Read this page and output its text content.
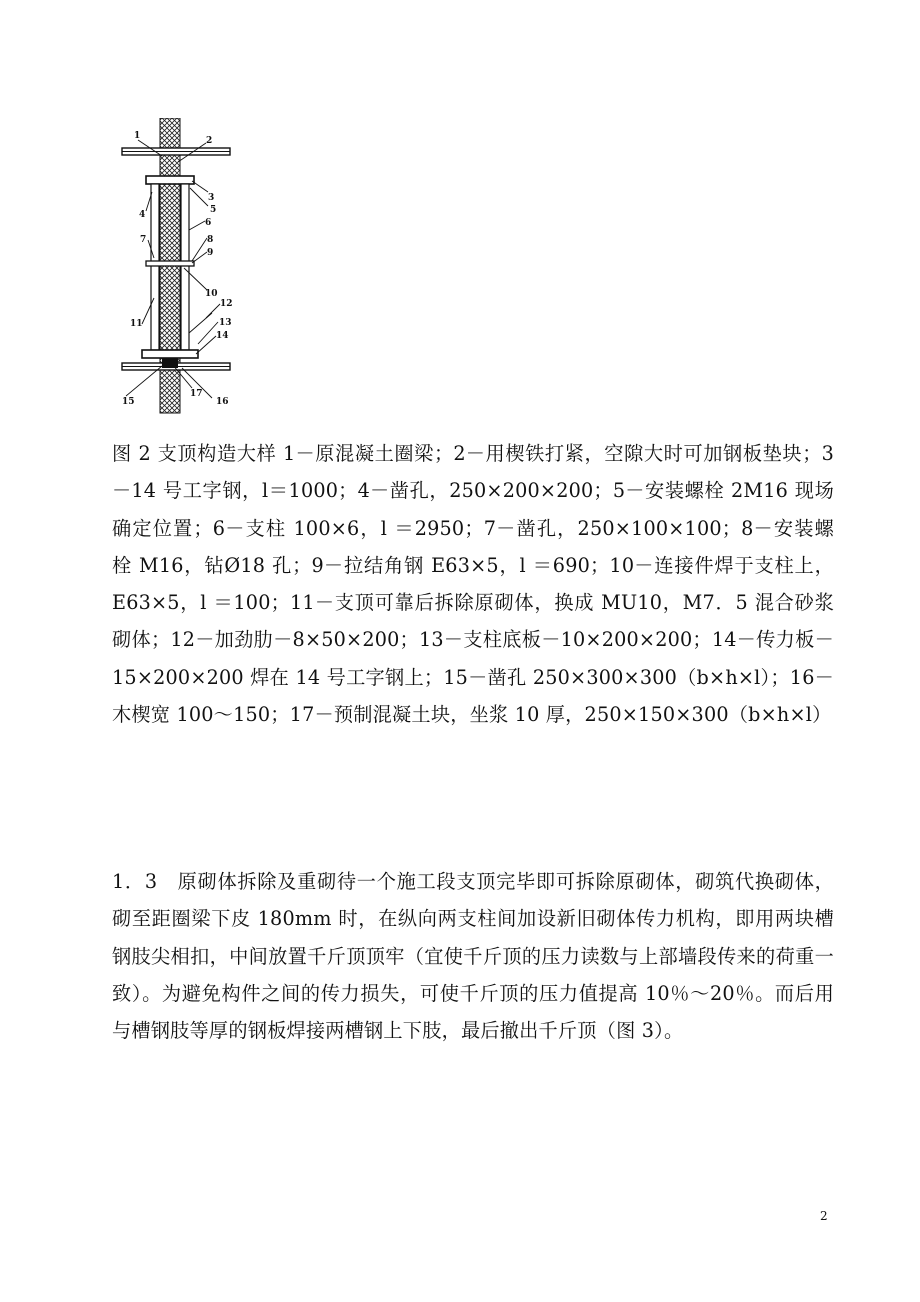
1	2
3
4	5
6
7	8
9
10
11
12
13
14
15	16
17

图 2 支顶构造大样 1－原混凝土圈梁；2－用楔铁打紧，空隙大时可加钢板垫块；3－14 号工字钢，l＝1000；4－凿孔，250×200×200；5－安装螺栓 2M16 现场确定位置；6－支柱 100×6，l ＝2950；7－凿孔，250×100×100；8－安装螺栓 M16，钻Ø18 孔；9－拉结角钢 E63×5，l ＝690；10－连接件焊于支柱上，E63×5，l ＝100；11－支顶可靠后拆除原砌体，换成 MU10，M7．5 混合砂浆砌体；12－加劲肋－8×50×200；13－支柱底板－10×200×200；14－传力板－15×200×200 焊在 14 号工字钢上；15－凿孔 250×300×300（b×h×l）；16－木楔宽 100～150；17－预制混凝土块，坐浆 10 厚，250×150×300（b×h×l）

1．3　原砌体拆除及重砌待一个施工段支顶完毕即可拆除原砌体，砌筑代换砌体，砌至距圈梁下皮 180mm 时，在纵向两支柱间加设新旧砌体传力机构，即用两块槽钢肢尖相扣，中间放置千斤顶顶牢（宜使千斤顶的压力读数与上部墙段传来的荷重一致）。为避免构件之间的传力损失，可使千斤顶的压力值提高 10％～20％。而后用与槽钢肢等厚的钢板焊接两槽钢上下肢，最后撤出千斤顶（图 3）。

2
